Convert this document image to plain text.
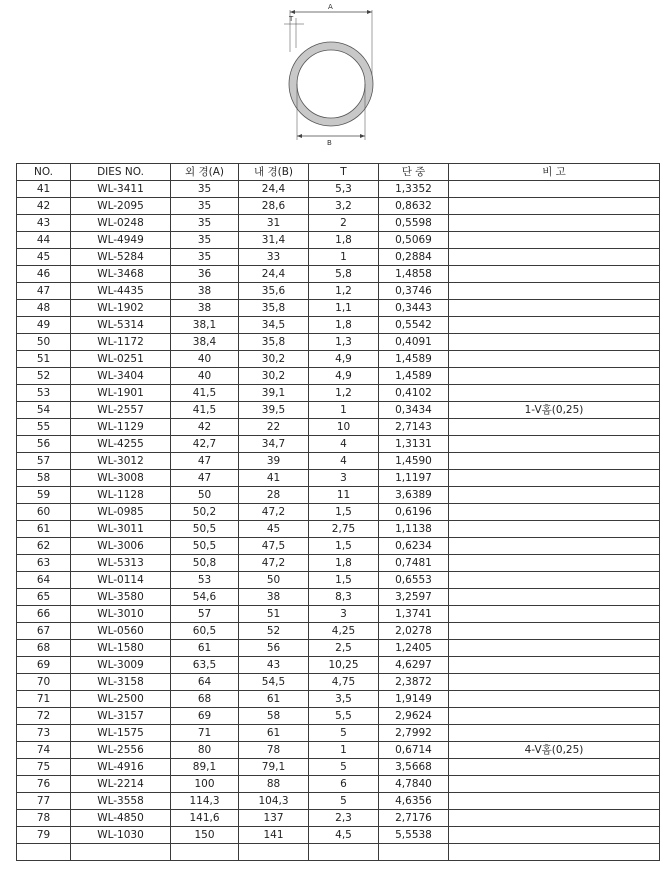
A
T
B
NO.	DIES NO.	외 경(A)	내 경(B)	T	단 중	비 고
41	WL-3411	35	24,4	5,3	1,3352	
42	WL-2095	35	28,6	3,2	0,8632	
43	WL-0248	35	31	2	0,5598	
44	WL-4949	35	31,4	1,8	0,5069	
45	WL-5284	35	33	1	0,2884	
46	WL-3468	36	24,4	5,8	1,4858	
47	WL-4435	38	35,6	1,2	0,3746	
48	WL-1902	38	35,8	1,1	0,3443	
49	WL-5314	38,1	34,5	1,8	0,5542	
50	WL-1172	38,4	35,8	1,3	0,4091	
51	WL-0251	40	30,2	4,9	1,4589	
52	WL-3404	40	30,2	4,9	1,4589	
53	WL-1901	41,5	39,1	1,2	0,4102	
54	WL-2557	41,5	39,5	1	0,3434	1-V홈(0,25)
55	WL-1129	42	22	10	2,7143	
56	WL-4255	42,7	34,7	4	1,3131	
57	WL-3012	47	39	4	1,4590	
58	WL-3008	47	41	3	1,1197	
59	WL-1128	50	28	11	3,6389	
60	WL-0985	50,2	47,2	1,5	0,6196	
61	WL-3011	50,5	45	2,75	1,1138	
62	WL-3006	50,5	47,5	1,5	0,6234	
63	WL-5313	50,8	47,2	1,8	0,7481	
64	WL-0114	53	50	1,5	0,6553	
65	WL-3580	54,6	38	8,3	3,2597	
66	WL-3010	57	51	3	1,3741	
67	WL-0560	60,5	52	4,25	2,0278	
68	WL-1580	61	56	2,5	1,2405	
69	WL-3009	63,5	43	10,25	4,6297	
70	WL-3158	64	54,5	4,75	2,3872	
71	WL-2500	68	61	3,5	1,9149	
72	WL-3157	69	58	5,5	2,9624	
73	WL-1575	71	61	5	2,7992	
74	WL-2556	80	78	1	0,6714	4-V홈(0,25)
75	WL-4916	89,1	79,1	5	3,5668	
76	WL-2214	100	88	6	4,7840	
77	WL-3558	114,3	104,3	5	4,6356	
78	WL-4850	141,6	137	2,3	2,7176	
79	WL-1030	150	141	4,5	5,5538	
